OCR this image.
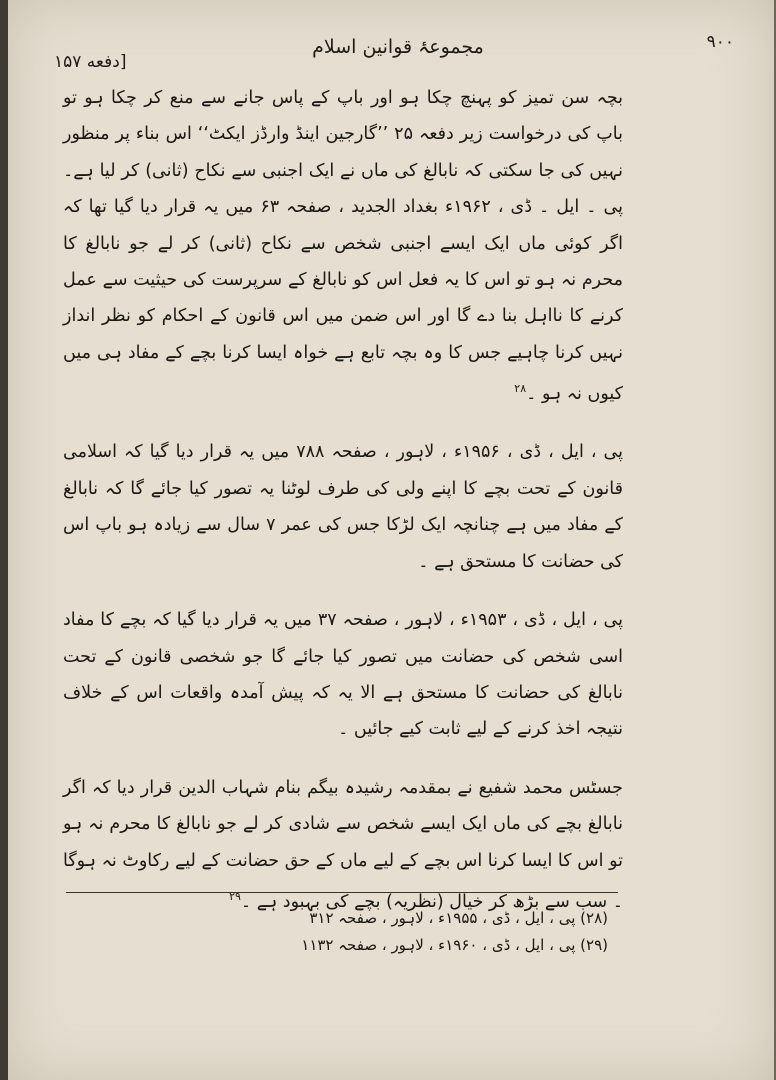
[دفعه ۱۵۷
مجموعۂ قوانین اسلام	۹۰۰

بچہ سن تمیز کو پہنچ چکا ہو اور باپ کے پاس جانے سے منع کر چکا ہو تو باپ کی درخواست زیر دفعہ ۲۵ ’’گارجین اینڈ وارڈز ایکٹ‘‘ اس بناء پر منظور نہیں کی جا سکتی کہ نابالغ کی ماں نے ایک اجنبی سے نکاح (ثانی) کر لیا ہے۔ پی ۔ ایل ۔ ڈی ، ۱۹۶۲ء بغداد الجدید ، صفحہ ۶۳ میں یہ قرار دیا گیا تھا کہ اگر کوئی ماں ایک ایسے اجنبی شخص سے نکاح (ثانی) کر لے جو نابالغ کا محرم نہ ہو تو اس کا یہ فعل اس کو نابالغ کے سرپرست کی حیثیت سے عمل کرنے کا نااہل بنا دے گا اور اس ضمن میں اس قانون کے احکام کو نظر انداز نہیں کرنا چاہیے جس کا وہ بچہ تابع ہے خواہ ایسا کرنا بچے کے مفاد ہی میں کیوں نہ ہو ۔$^{۲۸}$

پی ، ایل ، ڈی ، ۱۹۵۶ء ، لاہور ، صفحہ ۷۸۸ میں یہ قرار دیا گیا کہ اسلامی قانون کے تحت بچے کا اپنے ولی کی طرف لوٹنا یہ تصور کیا جائے گا کہ نابالغ کے مفاد میں ہے چنانچہ ایک لڑکا جس کی عمر ۷ سال سے زیادہ ہو باپ اس کی حضانت کا مستحق ہے ۔

پی ، ایل ، ڈی ، ۱۹۵۳ء ، لاہور ، صفحہ ۳۷ میں یہ قرار دیا گیا کہ بچے کا مفاد اسی شخص کی حضانت میں تصور کیا جائے گا جو شخصی قانون کے تحت نابالغ کی حضانت کا مستحق ہے الا یہ کہ پیش آمدہ واقعات اس کے خلاف نتیجہ اخذ کرنے کے لیے ثابت کیے جائیں ۔

جسٹس محمد شفیع نے بمقدمہ رشیدہ بیگم بنام شہاب الدین قرار دیا کہ اگر نابالغ بچے کی ماں ایک ایسے شخص سے شادی کر لے جو نابالغ کا محرم نہ ہو تو اس کا ایسا کرنا اس بچے کے لیے ماں کے حق حضانت کے لیے رکاوٹ نہ ہوگا ۔ سب سے بڑھ کر خیال (نظریہ) بچے کی بہبود ہے ۔$^{۲۹}$

(۲۸) پی ، ایل ، ڈی ، ۱۹۵۵ء ، لاہور ، صفحہ ۳۱۲
(۲۹) پی ، ایل ، ڈی ، ۱۹۶۰ء ، لاہور ، صفحہ ۱۱۳۲
